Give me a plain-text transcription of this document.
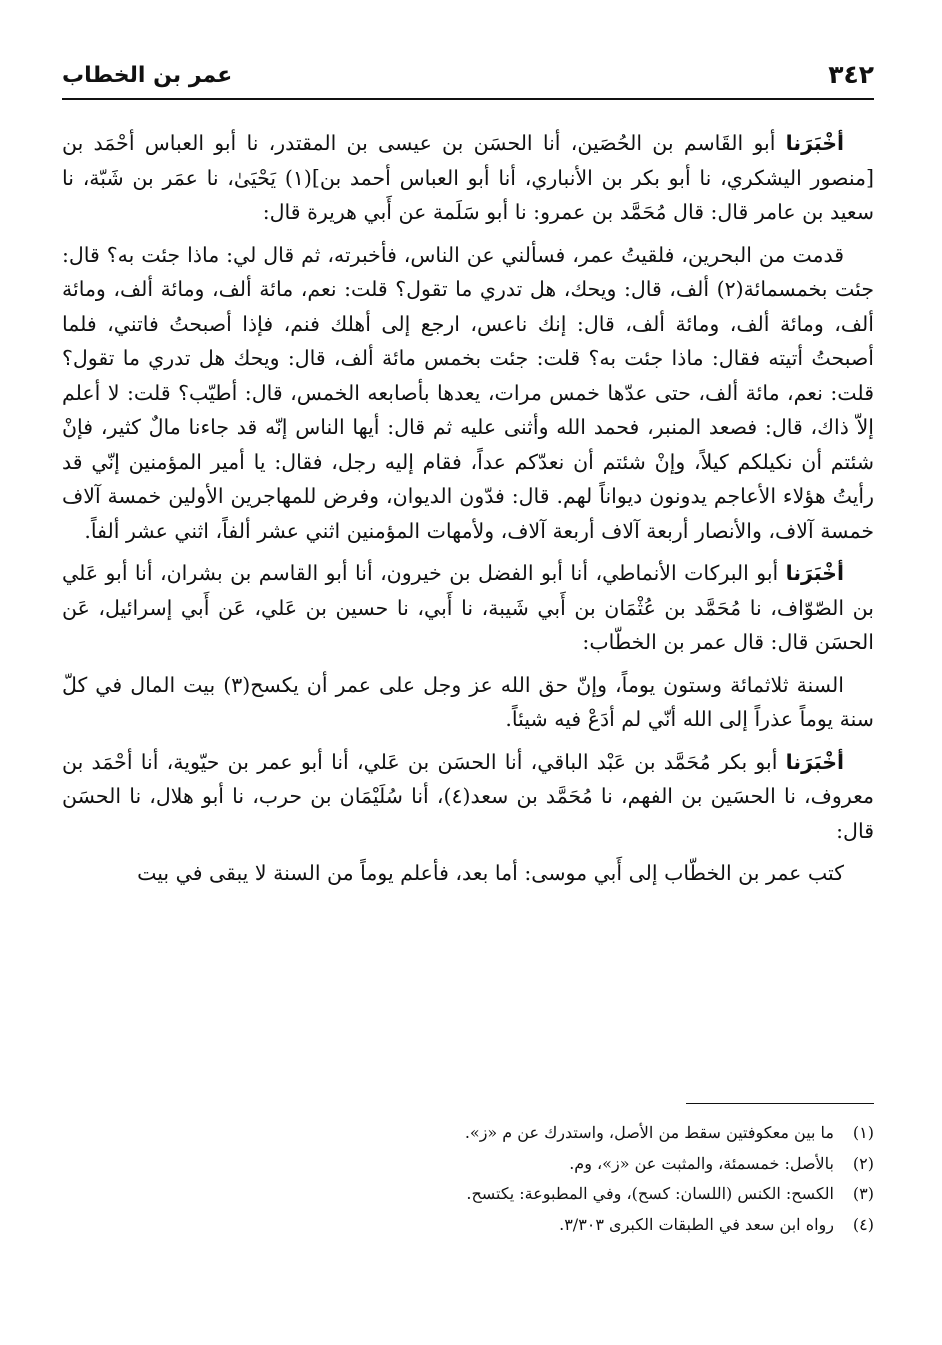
٣٤٢
عمر بن الخطاب

أخْبَرَنا أبو القَاسم بن الحُصَين، أنا الحسَن بن عيسى بن المقتدر، نا أبو العباس أحْمَد بن [منصور اليشكري، نا أبو بكر بن الأنباري، أنا أبو العباس أحمد بن](١) يَحْيَىٰ، نا عمَر بن شَبّة، نا سعيد بن عامر قال: قال مُحَمَّد بن عمرو: نا أبو سَلَمة عن أَبي هريرة قال:

قدمت من البحرين، فلقيتُ عمر، فسألني عن الناس، فأخبرته، ثم قال لي: ماذا جئت به؟ قال: جئت بخمسمائة(٢) ألف، قال: ويحك، هل تدري ما تقول؟ قلت: نعم، مائة ألف، ومائة ألف، ومائة ألف، ومائة ألف، ومائة ألف، قال: إنك ناعس، ارجع إلى أهلك فنم، فإذا أصبحتُ فاتني، فلما أصبحتُ أتيته فقال: ماذا جئت به؟ قلت: جئت بخمس مائة ألف، قال: ويحك هل تدري ما تقول؟ قلت: نعم، مائة ألف، حتى عدّها خمس مرات، يعدها بأصابعه الخمس، قال: أطيّب؟ قلت: لا أعلم إلاّ ذاك، قال: فصعد المنبر، فحمد الله وأثنى عليه ثم قال: أيها الناس إنّه قد جاءنا مالٌ كثير، فإنْ شئتم أن نكيلكم كيلاً، وإنْ شئتم أن نعدّكم عداً، فقام إليه رجل، فقال: يا أمير المؤمنين إنّي قد رأيتُ هؤلاء الأعاجم يدونون ديواناً لهم. قال: فدّون الديوان، وفرض للمهاجرين الأولين خمسة آلاف خمسة آلاف، والأنصار أربعة آلاف أربعة آلاف، ولأمهات المؤمنين اثني عشر ألفاً، اثني عشر ألفاً.

أخْبَرَنا أبو البركات الأنماطي، أنا أبو الفضل بن خيرون، أنا أبو القاسم بن بشران، أنا أبو عَلي بن الصّوّاف، نا مُحَمَّد بن عُثْمَان بن أَبي شَيبة، نا أَبي، نا حسين بن عَلي، عَن أَبي إسرائيل، عَن الحسَن قال: قال عمر بن الخطّاب:

السنة ثلاثمائة وستون يوماً، وإنّ حق الله عز وجل على عمر أن يكسح(٣) بيت المال في كلّ سنة يوماً عذراً إلى الله أنّي لم أدَعْ فيه شيئاً.

أخْبَرَنا أبو بكر مُحَمَّد بن عَبْد الباقي، أنا الحسَن بن عَلي، أنا أبو عمر بن حيّوية، أنا أحْمَد بن معروف، نا الحسَين بن الفهم، نا مُحَمَّد بن سعد(٤)، أنا سُلَيْمَان بن حرب، نا أبو هلال، نا الحسَن قال:

كتب عمر بن الخطّاب إلى أَبي موسى: أما بعد، فأعلم يوماً من السنة لا يبقى في بيت

(١)ما بين معكوفتين سقط من الأصل، واستدرك عن م «ز».

(٢)بالأصل: خمسمئة، والمثبت عن «ز»، وم.

(٣)الكسح: الكنس (اللسان: كسح)، وفي المطبوعة: يكتسح.

(٤)رواه ابن سعد في الطبقات الكبرى ٣/٣٠٣.
